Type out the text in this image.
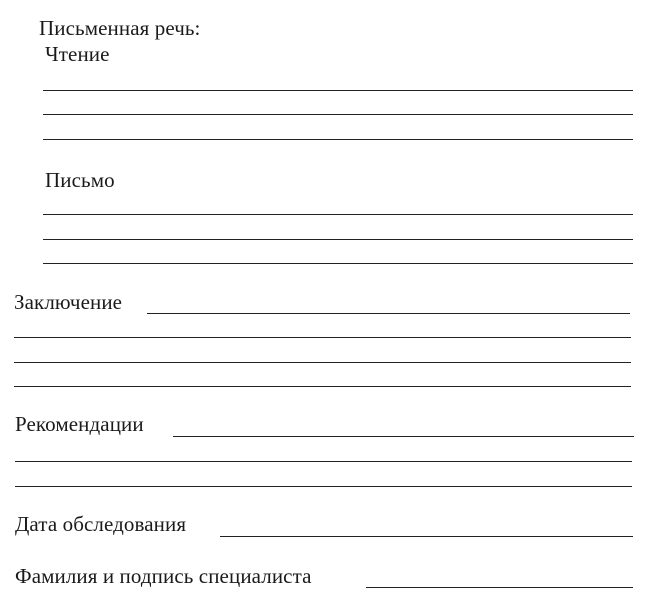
Письменная речь:
Чтение
Письмо
Заключение
Рекомендации
Дата обследования
Фамилия и подпись специалиста
